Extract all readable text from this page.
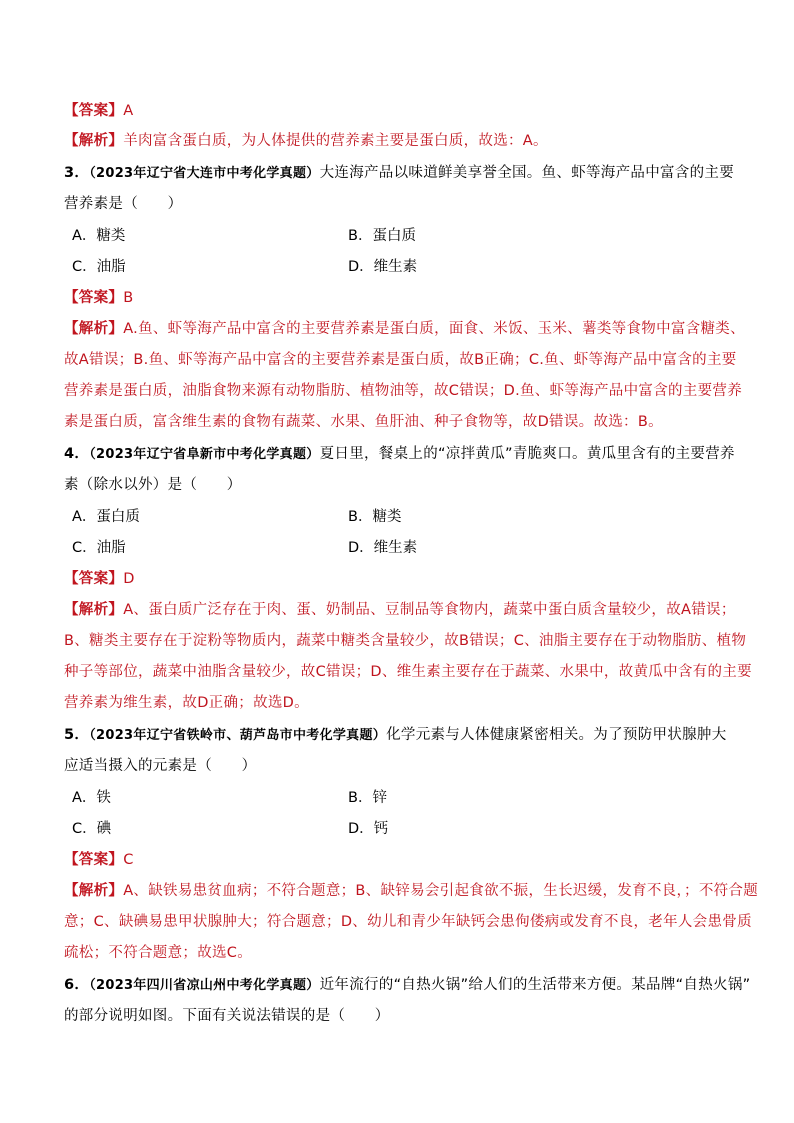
【答案】A
【解析】羊肉富含蛋白质，为人体提供的营养素主要是蛋白质，故选：A。
3．（2023年辽宁省大连市中考化学真题）大连海产品以味道鲜美享誉全国。鱼、虾等海产品中富含的主要
营养素是（　　）
A．糖类	B．蛋白质
C．油脂	D．维生素
【答案】B
【解析】A.鱼、虾等海产品中富含的主要营养素是蛋白质，面食、米饭、玉米、薯类等食物中富含糖类、
故A错误；B.鱼、虾等海产品中富含的主要营养素是蛋白质，故B正确；C.鱼、虾等海产品中富含的主要
营养素是蛋白质，油脂食物来源有动物脂肪、植物油等，故C错误；D.鱼、虾等海产品中富含的主要营养
素是蛋白质，富含维生素的食物有蔬菜、水果、鱼肝油、种子食物等，故D错误。故选：B。
4．（2023年辽宁省阜新市中考化学真题）夏日里，餐桌上的“凉拌黄瓜”青脆爽口。黄瓜里含有的主要营养
素（除水以外）是（　　）
A．蛋白质	B．糖类
C．油脂	D．维生素
【答案】D
【解析】A、蛋白质广泛存在于肉、蛋、奶制品、豆制品等食物内，蔬菜中蛋白质含量较少，故A错误；
B、糖类主要存在于淀粉等物质内，蔬菜中糖类含量较少，故B错误；C、油脂主要存在于动物脂肪、植物
种子等部位，蔬菜中油脂含量较少，故C错误；D、维生素主要存在于蔬菜、水果中，故黄瓜中含有的主要
营养素为维生素，故D正确；故选D。
5．（2023年辽宁省铁岭市、葫芦岛市中考化学真题）化学元素与人体健康紧密相关。为了预防甲状腺肿大
应适当摄入的元素是（　　）
A．铁	B．锌
C．碘	D．钙
【答案】C
【解析】A、缺铁易患贫血病；不符合题意；B、缺锌易会引起食欲不振，生长迟缓，发育不良，；不符合题
意；C、缺碘易患甲状腺肿大；符合题意；D、幼儿和青少年缺钙会患佝偻病或发育不良，老年人会患骨质
疏松；不符合题意；故选C。
6．（2023年四川省凉山州中考化学真题）近年流行的“自热火锅”给人们的生活带来方便。某品牌“自热火锅”
的部分说明如图。下面有关说法错误的是（　　）
